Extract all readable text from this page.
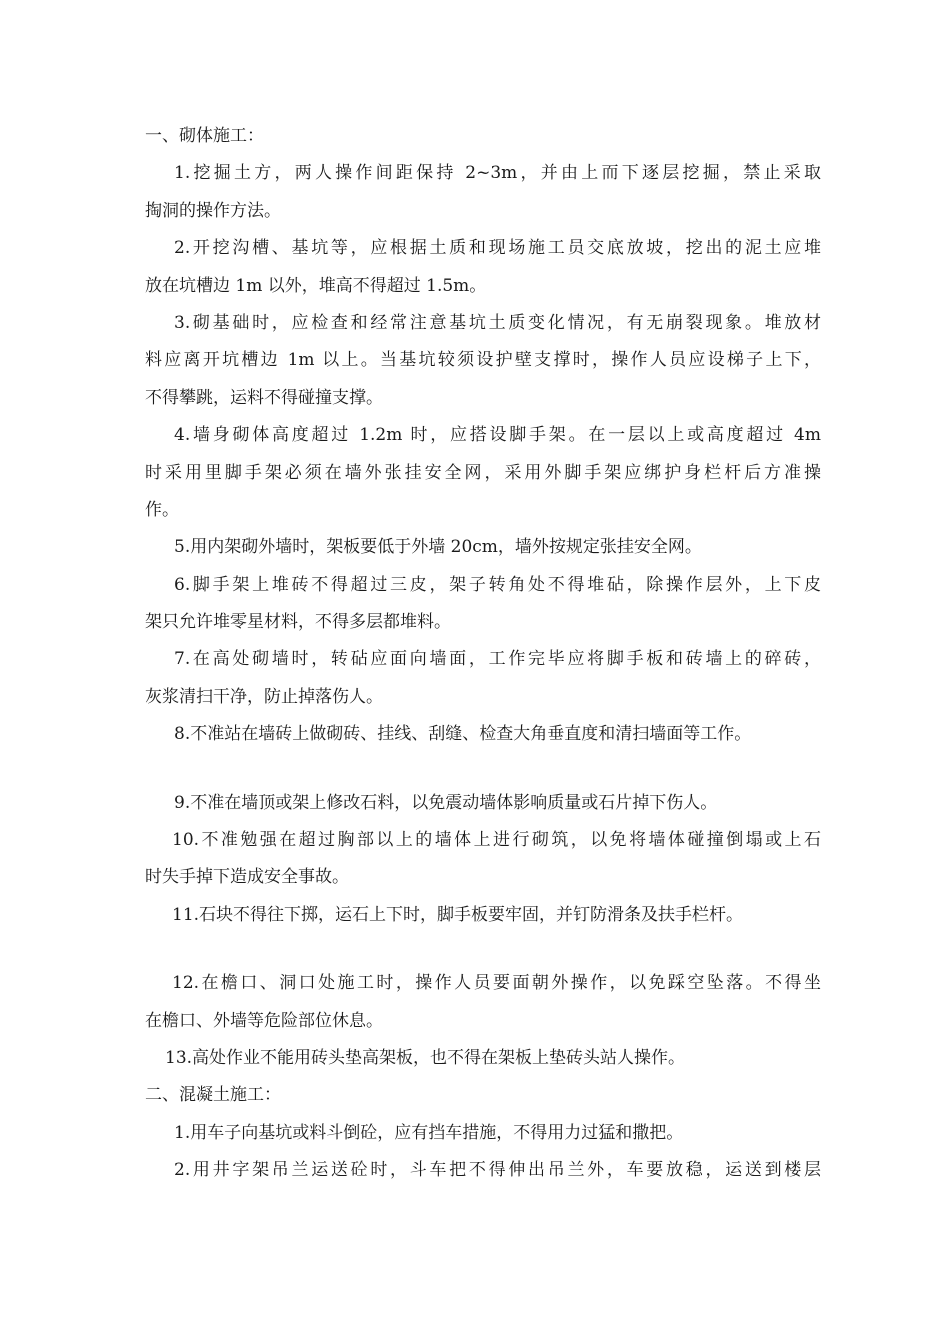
一、砌体施工：
1.挖掘土方，两人操作间距保持 2~3m，并由上而下逐层挖掘，禁止采取
掏洞的操作方法。
2.开挖沟槽、基坑等，应根据土质和现场施工员交底放坡，挖出的泥土应堆
放在坑槽边 1m 以外，堆高不得超过 1.5m。
3.砌基础时，应检查和经常注意基坑土质变化情况，有无崩裂现象。堆放材
料应离开坑槽边 1m 以上。当基坑较须设护壁支撑时，操作人员应设梯子上下，
不得攀跳，运料不得碰撞支撑。
4.墙身砌体高度超过 1.2m 时，应搭设脚手架。在一层以上或高度超过 4m
时采用里脚手架必须在墙外张挂安全网，采用外脚手架应绑护身栏杆后方准操
作。
5.用内架砌外墙时，架板要低于外墙 20cm，墙外按规定张挂安全网。
6.脚手架上堆砖不得超过三皮，架子转角处不得堆砧，除操作层外，上下皮
架只允许堆零星材料，不得多层都堆料。
7.在高处砌墙时，转砧应面向墙面，工作完毕应将脚手板和砖墙上的碎砖，
灰浆清扫干净，防止掉落伤人。
8.不准站在墙砖上做砌砖、挂线、刮缝、检查大角垂直度和清扫墙面等工作。
9.不准在墙顶或架上修改石料，以免震动墙体影响质量或石片掉下伤人。
10.不准勉强在超过胸部以上的墙体上进行砌筑，以免将墙体碰撞倒塌或上石
时失手掉下造成安全事故。
11.石块不得往下掷，运石上下时，脚手板要牢固，并钉防滑条及扶手栏杆。
12.在檐口、洞口处施工时，操作人员要面朝外操作，以免踩空坠落。不得坐
在檐口、外墙等危险部位休息。
13.高处作业不能用砖头垫高架板，也不得在架板上垫砖头站人操作。
二、混凝土施工：
1.用车子向基坑或料斗倒砼，应有挡车措施，不得用力过猛和撒把。
2.用井字架吊兰运送砼时，斗车把不得伸出吊兰外，车要放稳，运送到楼层
